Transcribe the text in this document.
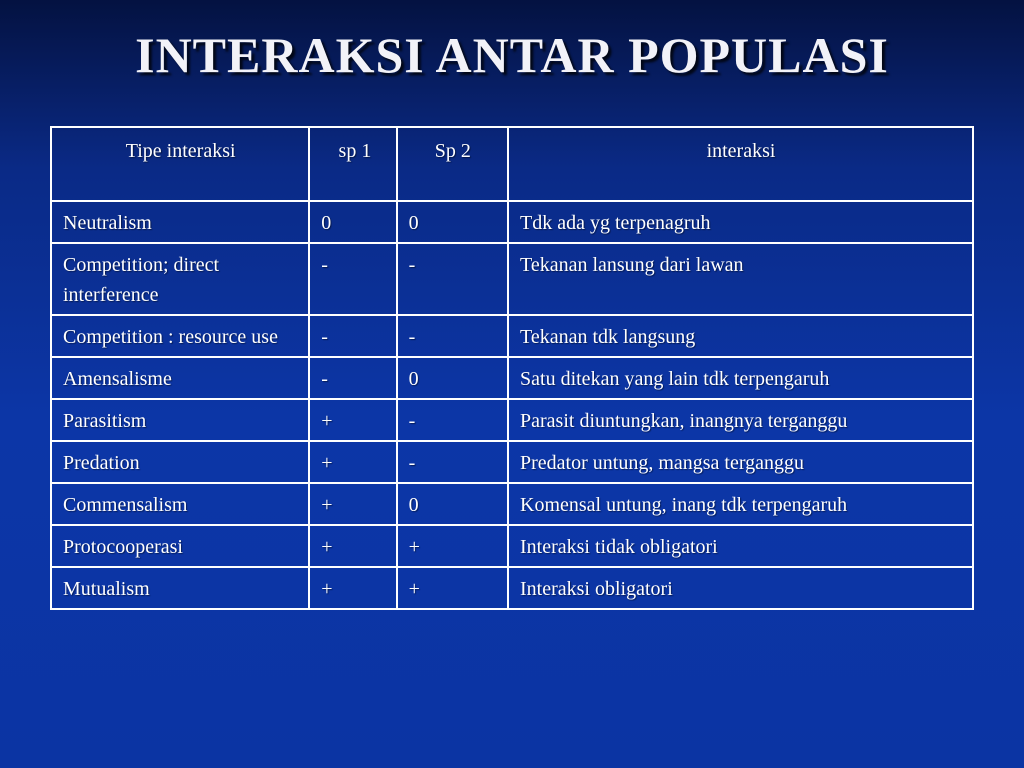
INTERAKSI ANTAR POPULASI
Tipe interaksi	sp 1	Sp 2	interaksi
Neutralism	0	0	Tdk ada yg terpenagruh
Competition; direct interference	-	-	Tekanan lansung dari lawan
Competition : resource use	-	-	Tekanan tdk langsung
Amensalisme	-	0	Satu ditekan yang lain tdk terpengaruh
Parasitism	+	-	Parasit diuntungkan, inangnya terganggu
Predation	+	-	Predator untung, mangsa terganggu
Commensalism	+	0	Komensal untung, inang tdk terpengaruh
Protocooperasi	+	+	Interaksi tidak obligatori
Mutualism	+	+	Interaksi obligatori
